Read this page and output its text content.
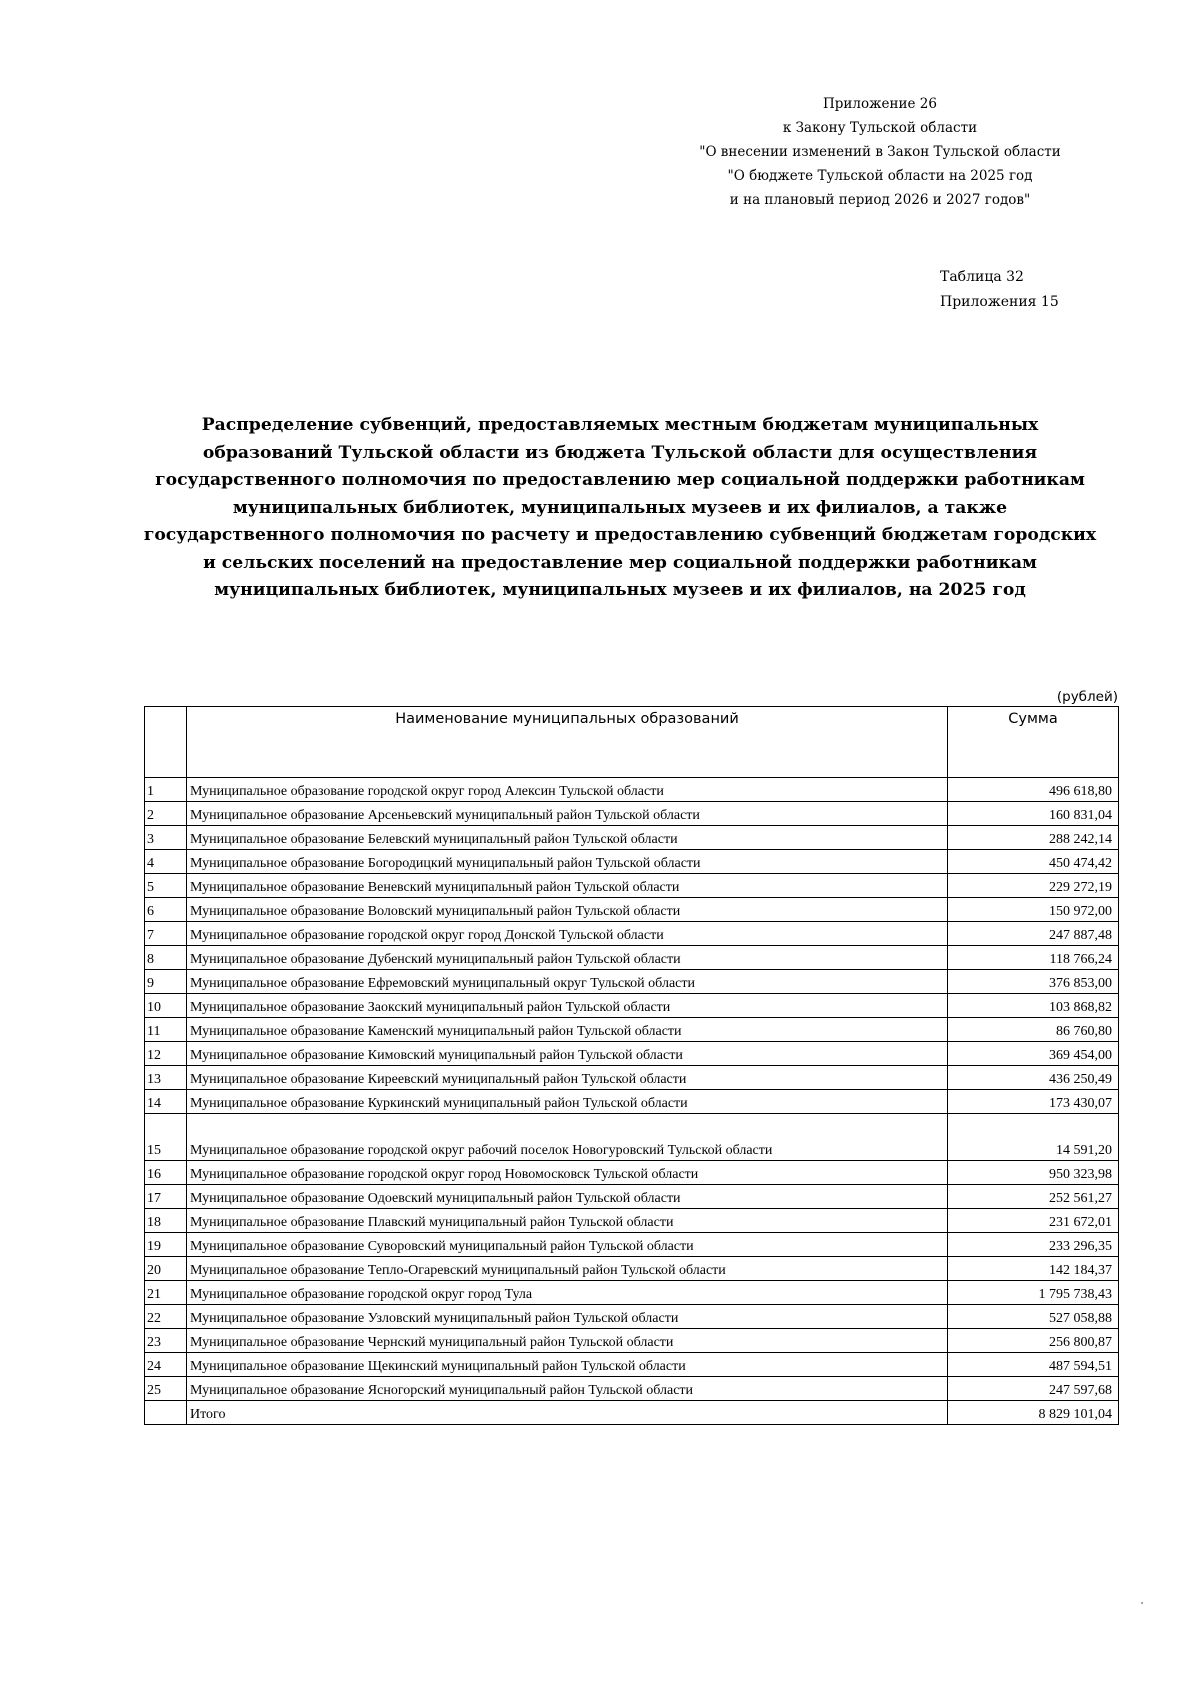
Приложение 26
к Закону Тульской области
"О внесении изменений в Закон Тульской области
"О бюджете Тульской области на 2025 год
и на плановый период 2026 и 2027 годов"
Таблица 32
Приложения 15
Распределение субвенций, предоставляемых местным бюджетам муниципальных образований Тульской области из бюджета Тульской области для осуществления государственного полномочия по предоставлению мер социальной поддержки работникам муниципальных библиотек, муниципальных музеев и их филиалов, а также государственного полномочия по расчету и предоставлению субвенций бюджетам городских и сельских поселений на предоставление мер социальной поддержки работникам муниципальных библиотек, муниципальных музеев и их филиалов, на 2025 год
(рублей)
	Наименование муниципальных образований	Сумма
1	Муниципальное образование городской округ город Алексин Тульской области	496 618,80
2	Муниципальное образование Арсеньевский муниципальный район Тульской области	160 831,04
3	Муниципальное образование Белевский муниципальный район Тульской области	288 242,14
4	Муниципальное образование Богородицкий муниципальный район Тульской области	450 474,42
5	Муниципальное образование Веневский муниципальный район Тульской области	229 272,19
6	Муниципальное образование Воловский муниципальный район Тульской области	150 972,00
7	Муниципальное образование городской округ город Донской Тульской области	247 887,48
8	Муниципальное образование Дубенский муниципальный район Тульской области	118 766,24
9	Муниципальное образование Ефремовский муниципальный округ Тульской области	376 853,00
10	Муниципальное образование Заокский муниципальный район Тульской области	103 868,82
11	Муниципальное образование Каменский муниципальный район Тульской области	86 760,80
12	Муниципальное образование Кимовский муниципальный район Тульской области	369 454,00
13	Муниципальное образование Киреевский муниципальный район Тульской области	436 250,49
14	Муниципальное образование Куркинский муниципальный район Тульской области	173 430,07
15	Муниципальное образование городской округ рабочий поселок Новогуровский Тульской области	14 591,20
16	Муниципальное образование городской округ город Новомосковск Тульской области	950 323,98
17	Муниципальное образование Одоевский муниципальный район Тульской области	252 561,27
18	Муниципальное образование Плавский муниципальный район Тульской области	231 672,01
19	Муниципальное образование Суворовский муниципальный район Тульской области	233 296,35
20	Муниципальное образование Тепло-Огаревский муниципальный район Тульской области	142 184,37
21	Муниципальное образование городской округ город Тула	1 795 738,43
22	Муниципальное образование Узловский муниципальный район Тульской области	527 058,88
23	Муниципальное образование Чернский муниципальный район Тульской области	256 800,87
24	Муниципальное образование Щекинский муниципальный район Тульской области	487 594,51
25	Муниципальное образование Ясногорский муниципальный район Тульской области	247 597,68
	Итого	8 829 101,04
